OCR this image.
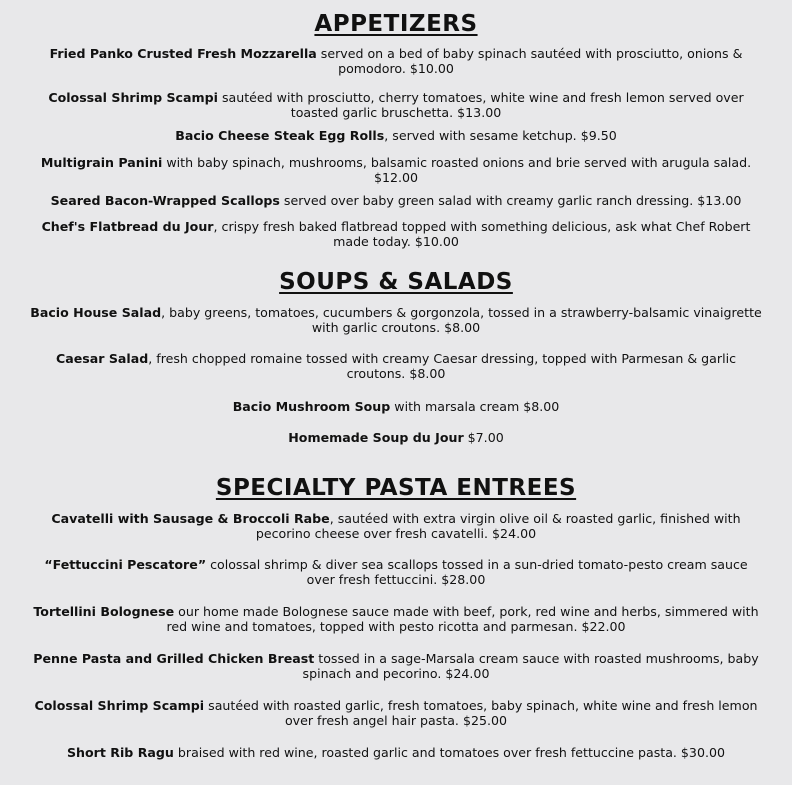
APPETIZERS

Fried Panko Crusted Fresh Mozzarella served on a bed of baby spinach sautéed with prosciutto, onions & pomodoro. $10.00

Colossal Shrimp Scampi sautéed with prosciutto, cherry tomatoes, white wine and fresh lemon served over toasted garlic bruschetta. $13.00

Bacio Cheese Steak Egg Rolls, served with sesame ketchup. $9.50

Multigrain Panini with baby spinach, mushrooms, balsamic roasted onions and brie served with arugula salad. $12.00

Seared Bacon-Wrapped Scallops served over baby green salad with creamy garlic ranch dressing. $13.00

Chef's Flatbread du Jour, crispy fresh baked flatbread topped with something delicious, ask what Chef Robert made today. $10.00

SOUPS & SALADS

Bacio House Salad, baby greens, tomatoes, cucumbers & gorgonzola, tossed in a strawberry-balsamic vinaigrette with garlic croutons. $8.00

Caesar Salad, fresh chopped romaine tossed with creamy Caesar dressing, topped with Parmesan & garlic croutons. $8.00

Bacio Mushroom Soup with marsala cream $8.00

Homemade Soup du Jour $7.00

SPECIALTY PASTA ENTREES

Cavatelli with Sausage & Broccoli Rabe, sautéed with extra virgin olive oil & roasted garlic, finished with pecorino cheese over fresh cavatelli. $24.00

“Fettuccini Pescatore” colossal shrimp & diver sea scallops tossed in a sun-dried tomato-pesto cream sauce over fresh fettuccini. $28.00

Tortellini Bolognese our home made Bolognese sauce made with beef, pork, red wine and herbs, simmered with red wine and tomatoes, topped with pesto ricotta and parmesan. $22.00

Penne Pasta and Grilled Chicken Breast tossed in a sage-Marsala cream sauce with roasted mushrooms, baby spinach and pecorino. $24.00

Colossal Shrimp Scampi sautéed with roasted garlic, fresh tomatoes, baby spinach, white wine and fresh lemon over fresh angel hair pasta. $25.00

Short Rib Ragu braised with red wine, roasted garlic and tomatoes over fresh fettuccine pasta. $30.00
